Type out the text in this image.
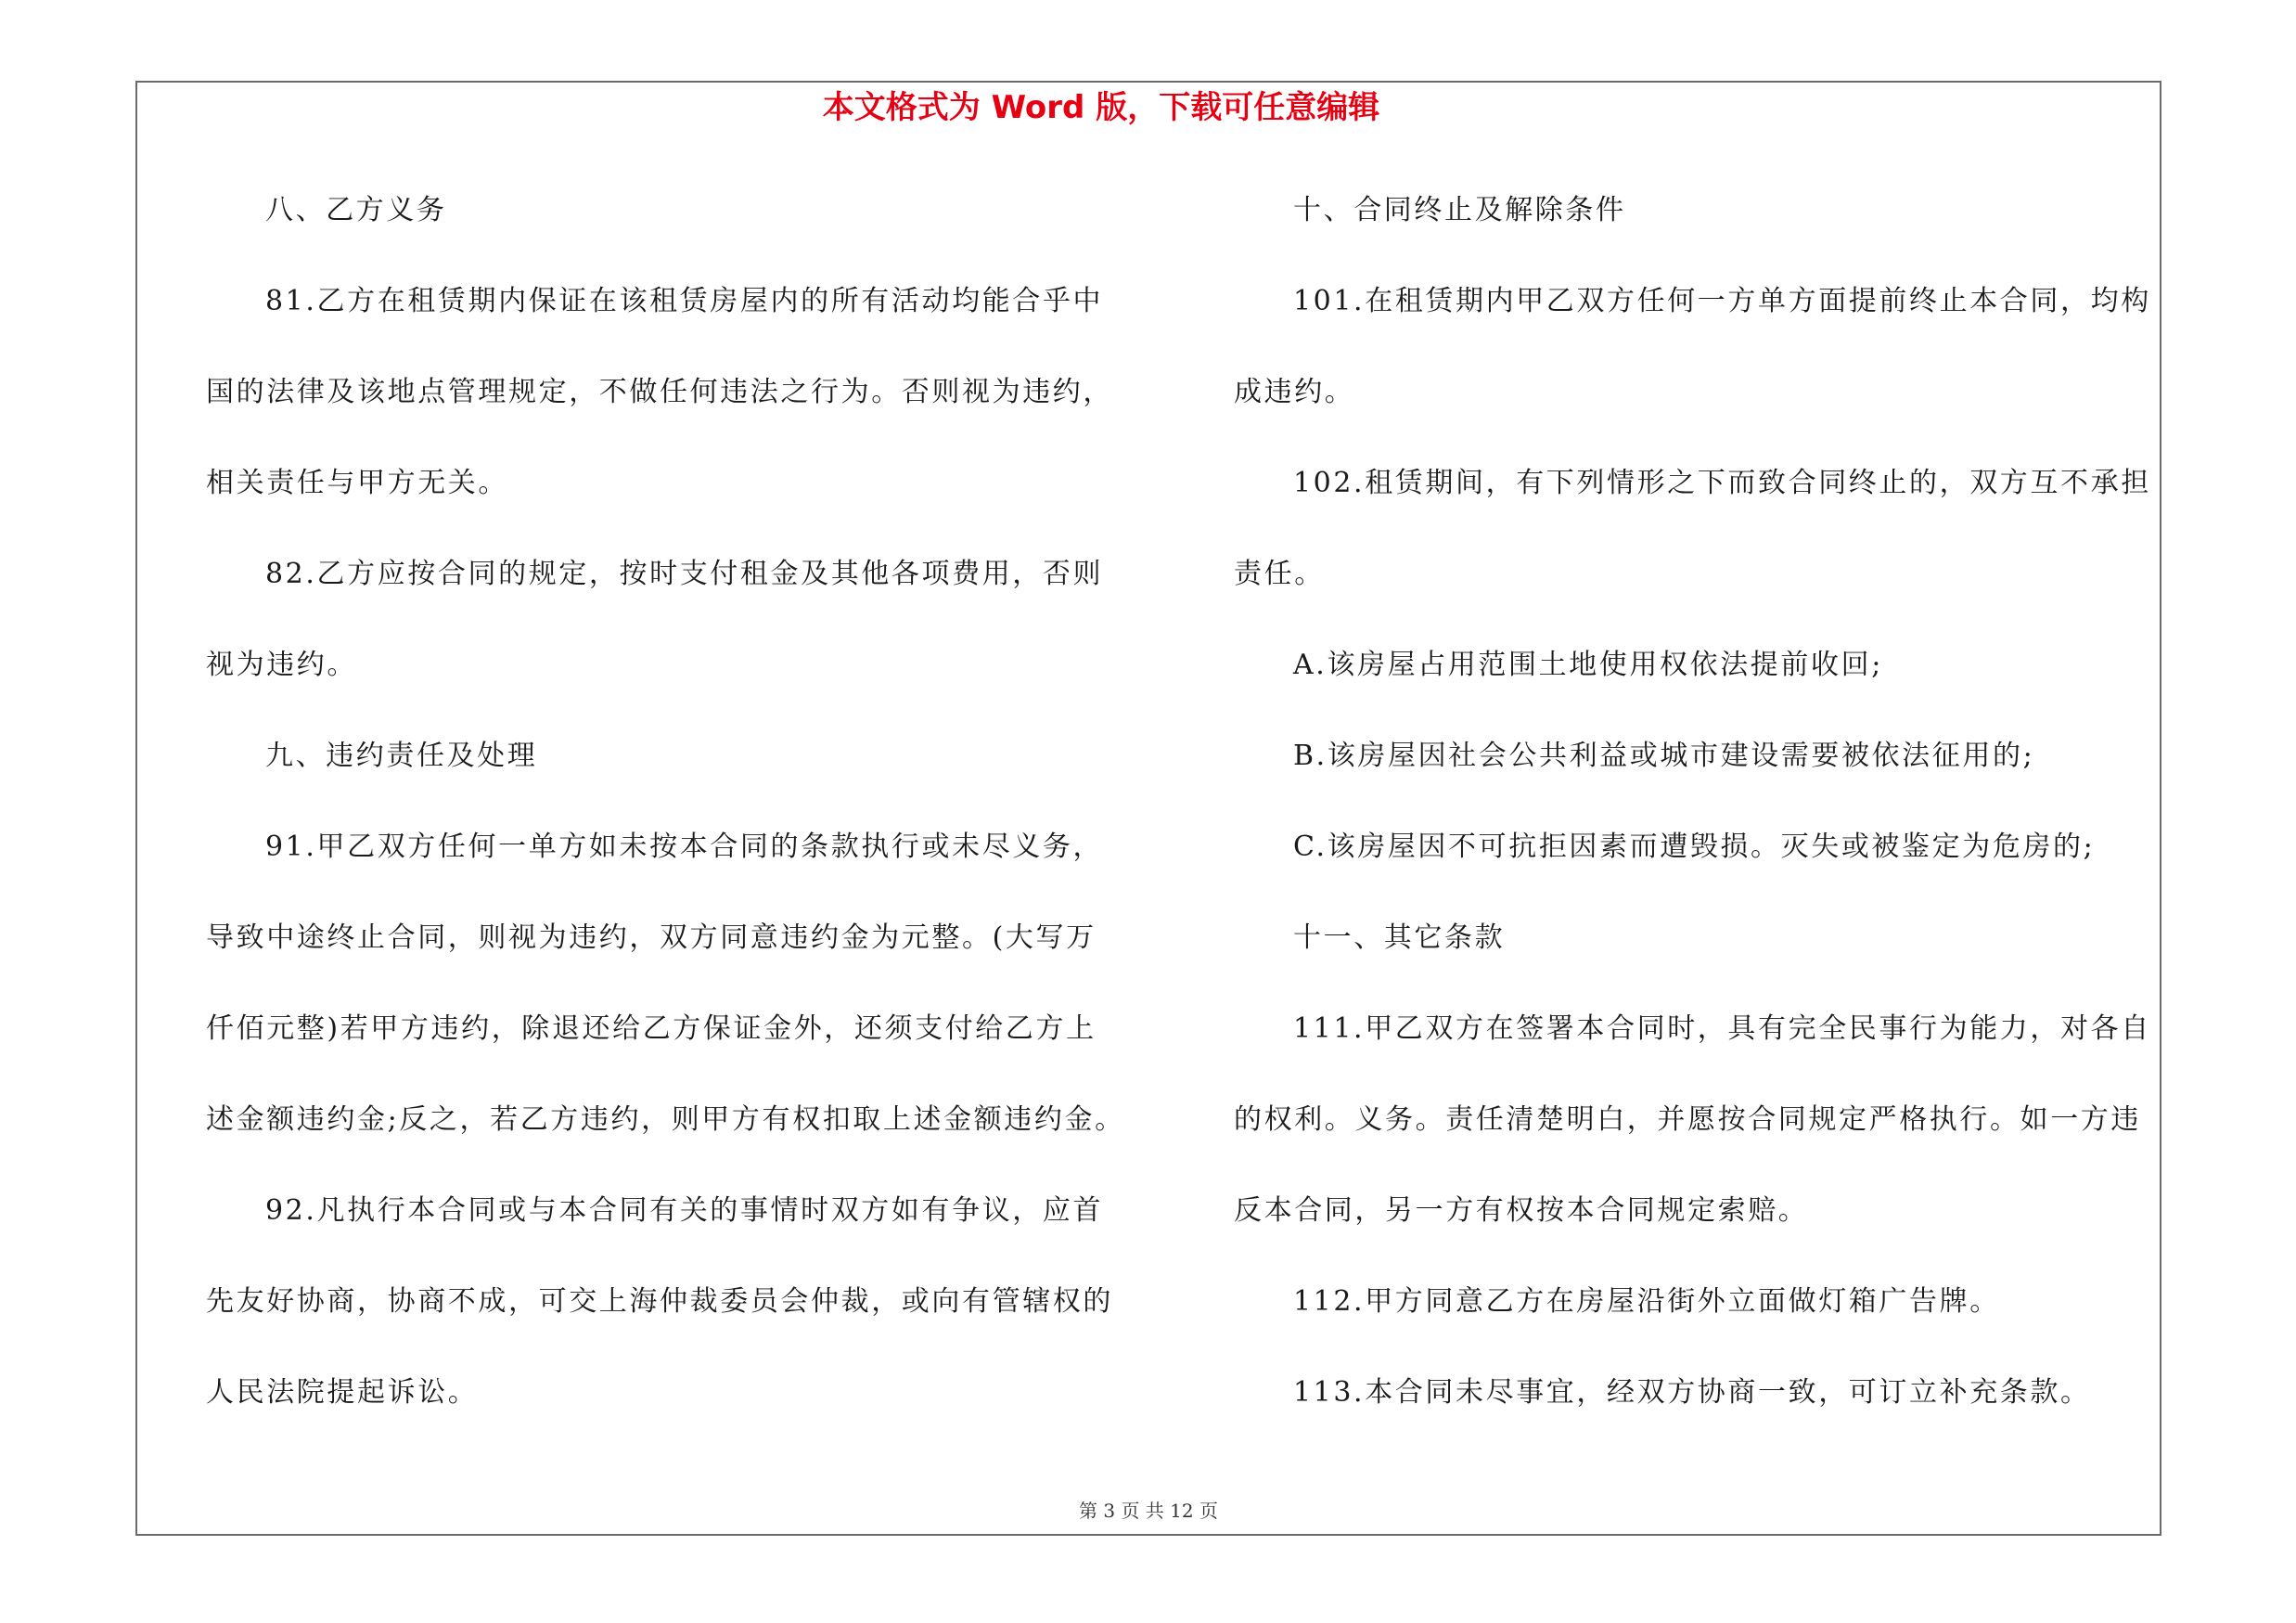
本文格式为 Word 版，下载可任意编辑
八、乙方义务
81.乙方在租赁期内保证在该租赁房屋内的所有活动均能合乎中
国的法律及该地点管理规定，不做任何违法之行为。否则视为违约，
相关责任与甲方无关。
82.乙方应按合同的规定，按时支付租金及其他各项费用，否则
视为违约。
九、违约责任及处理
91.甲乙双方任何一单方如未按本合同的条款执行或未尽义务，
导致中途终止合同，则视为违约，双方同意违约金为元整。(大写万
仟佰元整)若甲方违约，除退还给乙方保证金外，还须支付给乙方上
述金额违约金;反之，若乙方违约，则甲方有权扣取上述金额违约金。
92.凡执行本合同或与本合同有关的事情时双方如有争议，应首
先友好协商，协商不成，可交上海仲裁委员会仲裁，或向有管辖权的
人民法院提起诉讼。
十、合同终止及解除条件
101.在租赁期内甲乙双方任何一方单方面提前终止本合同，均构
成违约。
102.租赁期间，有下列情形之下而致合同终止的，双方互不承担
责任。
A.该房屋占用范围土地使用权依法提前收回;
B.该房屋因社会公共利益或城市建设需要被依法征用的;
C.该房屋因不可抗拒因素而遭毁损。灭失或被鉴定为危房的;
十一、其它条款
111.甲乙双方在签署本合同时，具有完全民事行为能力，对各自
的权利。义务。责任清楚明白，并愿按合同规定严格执行。如一方违
反本合同，另一方有权按本合同规定索赔。
112.甲方同意乙方在房屋沿街外立面做灯箱广告牌。
113.本合同未尽事宜，经双方协商一致，可订立补充条款。
第 3 页 共 12 页
